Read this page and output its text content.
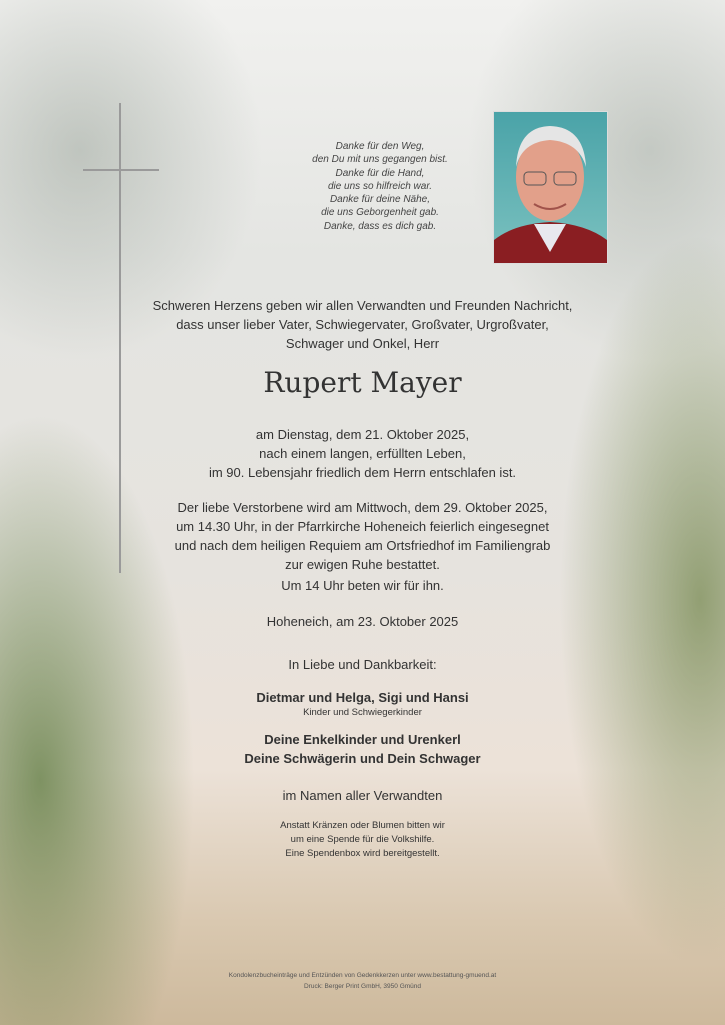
Danke für den Weg,
den Du mit uns gegangen bist.
Danke für die Hand,
die uns so hilfreich war.
Danke für deine Nähe,
die uns Geborgenheit gab.
Danke, dass es dich gab.
Schweren Herzens geben wir allen Verwandten und Freunden Nachricht,
dass unser lieber Vater, Schwiegervater, Großvater, Urgroßvater,
Schwager und Onkel, Herr
Rupert Mayer
am Dienstag, dem 21. Oktober 2025,
nach einem langen, erfüllten Leben,
im 90. Lebensjahr friedlich dem Herrn entschlafen ist.
Der liebe Verstorbene wird am Mittwoch, dem 29. Oktober 2025,
um 14.30 Uhr, in der Pfarrkirche Hoheneich feierlich eingesegnet
und nach dem heiligen Requiem am Ortsfriedhof im Familiengrab
zur ewigen Ruhe bestattet.
Um 14 Uhr beten wir für ihn.
Hoheneich, am 23. Oktober 2025
In Liebe und Dankbarkeit:
Dietmar und Helga, Sigi und Hansi
Kinder und Schwiegerkinder
Deine Enkelkinder und Urenkerl
Deine Schwägerin und Dein Schwager
im Namen aller Verwandten
Anstatt Kränzen oder Blumen bitten wir
um eine Spende für die Volkshilfe.
Eine Spendenbox wird bereitgestellt.
Kondolenzbucheinträge und Entzünden von Gedenkkerzen unter www.bestattung-gmuend.at
Druck: Berger Print GmbH, 3950 Gmünd
